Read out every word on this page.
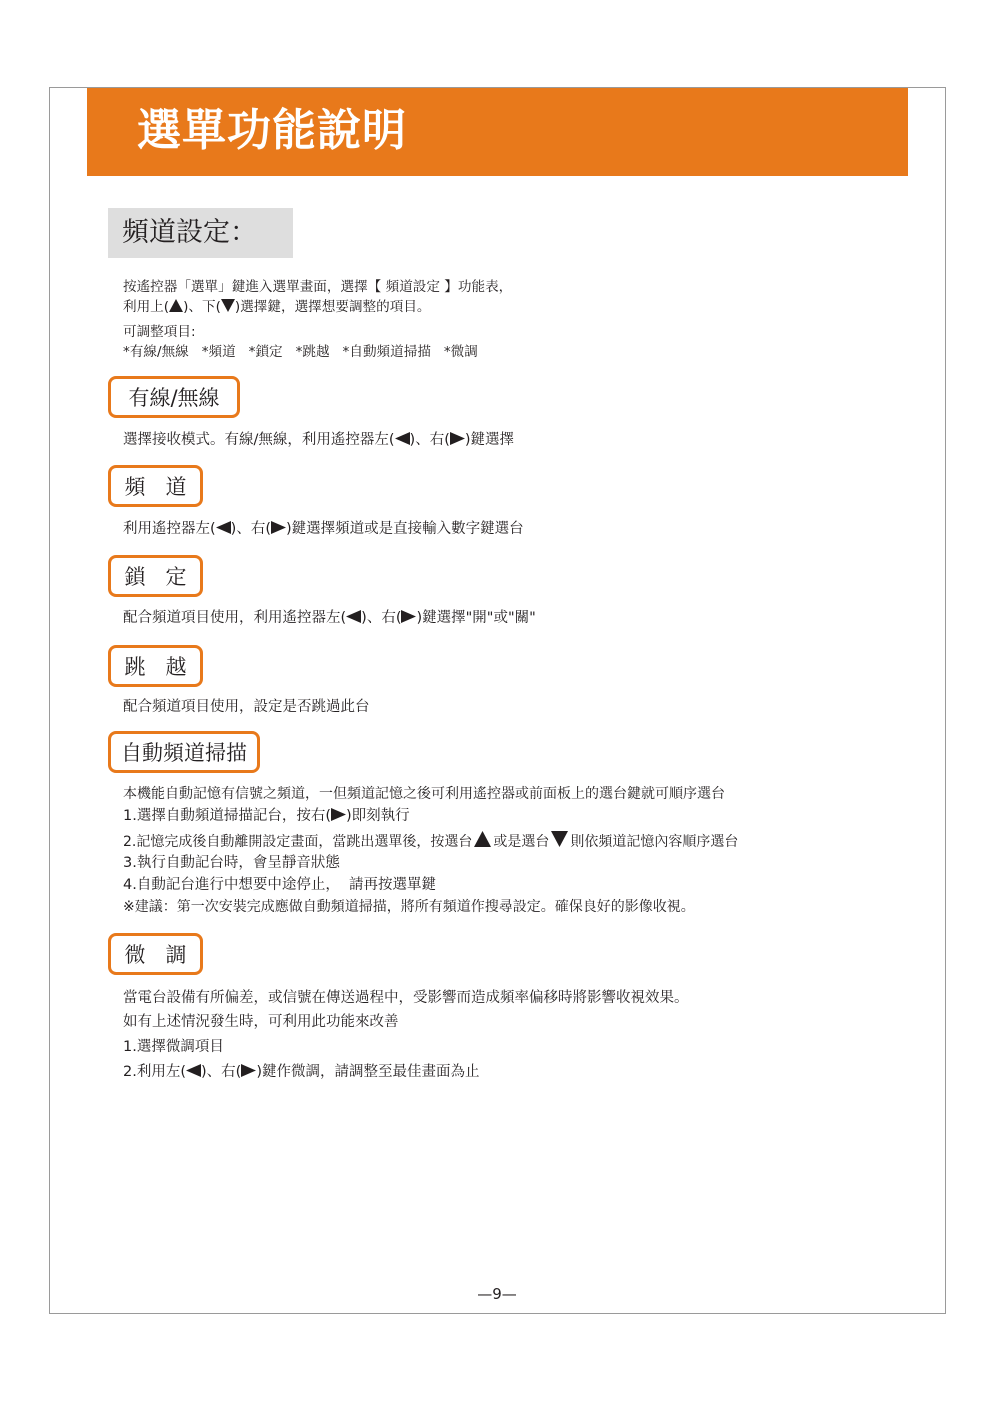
選單功能說明
頻道設定：

按遙控器「選單」鍵進入選單畫面，選擇【 頻道設定 】功能表，

利用上( )、下( )選擇鍵，選擇想要調整的項目。

可調整項目:

*有線/無線   *頻道   *鎖定   *跳越   *自動頻道掃描   *微調

有線/無線

選擇接收模式。有線/無線，利用遙控器左( )、右( )鍵選擇

頻道

利用遙控器左( )、右( )鍵選擇頻道或是直接輸入數字鍵選台

鎖定

配合頻道項目使用，利用遙控器左( )、右( )鍵選擇"開"或"關"

跳越

配合頻道項目使用，設定是否跳過此台

自動頻道掃描

本機能自動記憶有信號之頻道，一但頻道記憶之後可利用遙控器或前面板上的選台鍵就可順序選台

1.選擇自動頻道掃描記台，按右( )即刻執行

2.記憶完成後自動離開設定畫面，當跳出選單後，按選台 或是選台 則依頻道記憶內容順序選台

3.執行自動記台時，會呈靜音狀態

4.自動記台進行中想要中途停止，  請再按選單鍵

※建議：第一次安裝完成應做自動頻道掃描，將所有頻道作搜尋設定。確保良好的影像收視。

微調

當電台設備有所偏差，或信號在傳送過程中，受影響而造成頻率偏移時將影響收視效果。

如有上述情況發生時，可利用此功能來改善

1.選擇微調項目

2.利用左( )、右( )鍵作微調，請調整至最佳畫面為止

—9—
